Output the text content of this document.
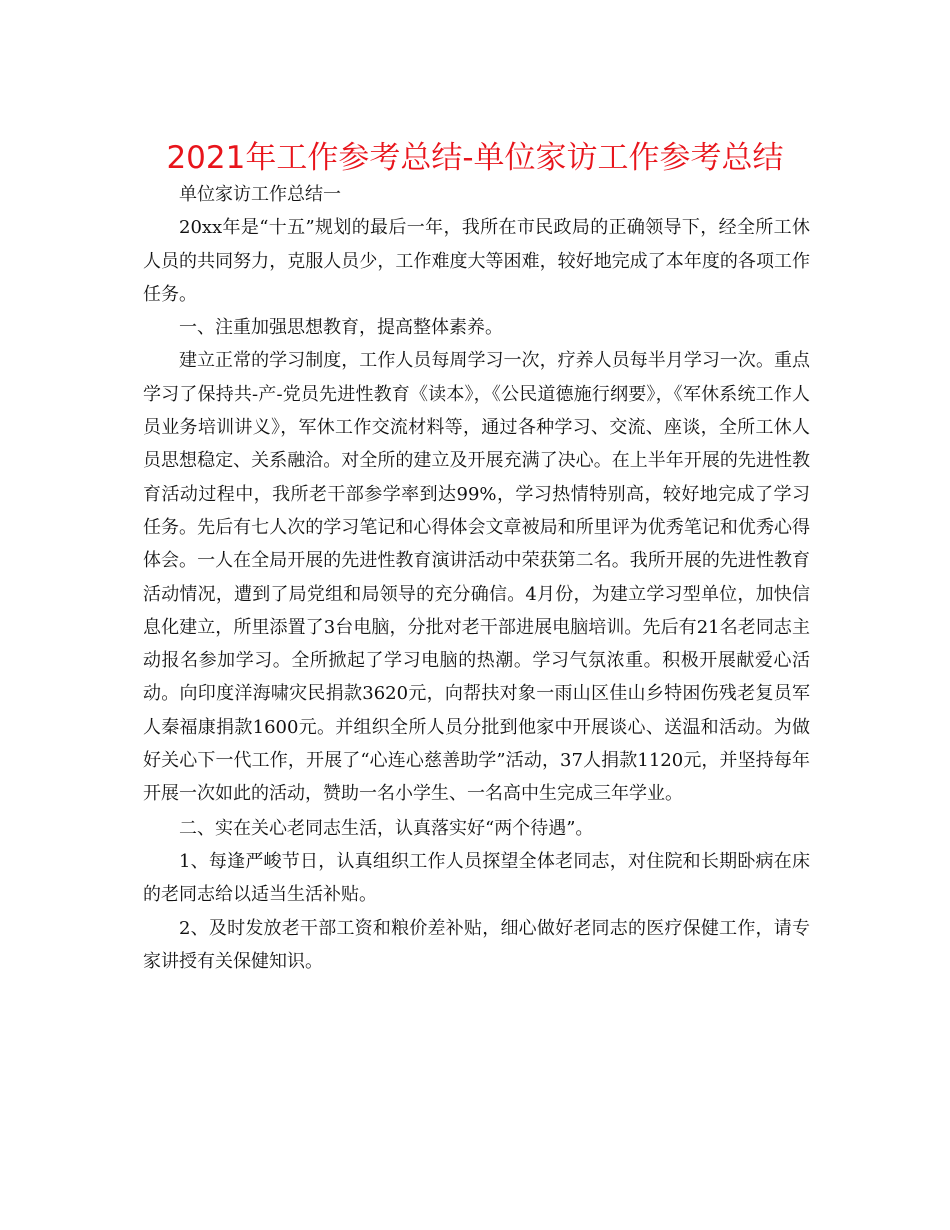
2021年工作参考总结-单位家访工作参考总结

单位家访工作总结一

20xx年是“十五”规划的最后一年，我所在市民政局的正确领导下，经全所工休人员的共同努力，克服人员少，工作难度大等困难，较好地完成了本年度的各项工作任务。

一、注重加强思想教育，提高整体素养。

建立正常的学习制度，工作人员每周学习一次，疗养人员每半月学习一次。重点学习了保持共-产-党员先进性教育《读本》，《公民道德施行纲要》，《军休系统工作人员业务培训讲义》，军休工作交流材料等，通过各种学习、交流、座谈，全所工休人员思想稳定、关系融洽。对全所的建立及开展充满了决心。在上半年开展的先进性教育活动过程中，我所老干部参学率到达99%，学习热情特别高，较好地完成了学习任务。先后有七人次的学习笔记和心得体会文章被局和所里评为优秀笔记和优秀心得体会。一人在全局开展的先进性教育演讲活动中荣获第二名。我所开展的先进性教育活动情况，遭到了局党组和局领导的充分确信。4月份，为建立学习型单位，加快信息化建立，所里添置了3台电脑，分批对老干部进展电脑培训。先后有21名老同志主动报名参加学习。全所掀起了学习电脑的热潮。学习气氛浓重。积极开展献爱心活动。向印度洋海啸灾民捐款3620元，向帮扶对象一雨山区佳山乡特困伤残老复员军人秦福康捐款1600元。并组织全所人员分批到他家中开展谈心、送温和活动。为做好关心下一代工作，开展了“心连心慈善助学”活动，37人捐款1120元，并坚持每年开展一次如此的活动，赞助一名小学生、一名高中生完成三年学业。

二、实在关心老同志生活，认真落实好“两个待遇”。

1、每逢严峻节日，认真组织工作人员探望全体老同志，对住院和长期卧病在床的老同志给以适当生活补贴。

2、及时发放老干部工资和粮价差补贴，细心做好老同志的医疗保健工作，请专家讲授有关保健知识。
